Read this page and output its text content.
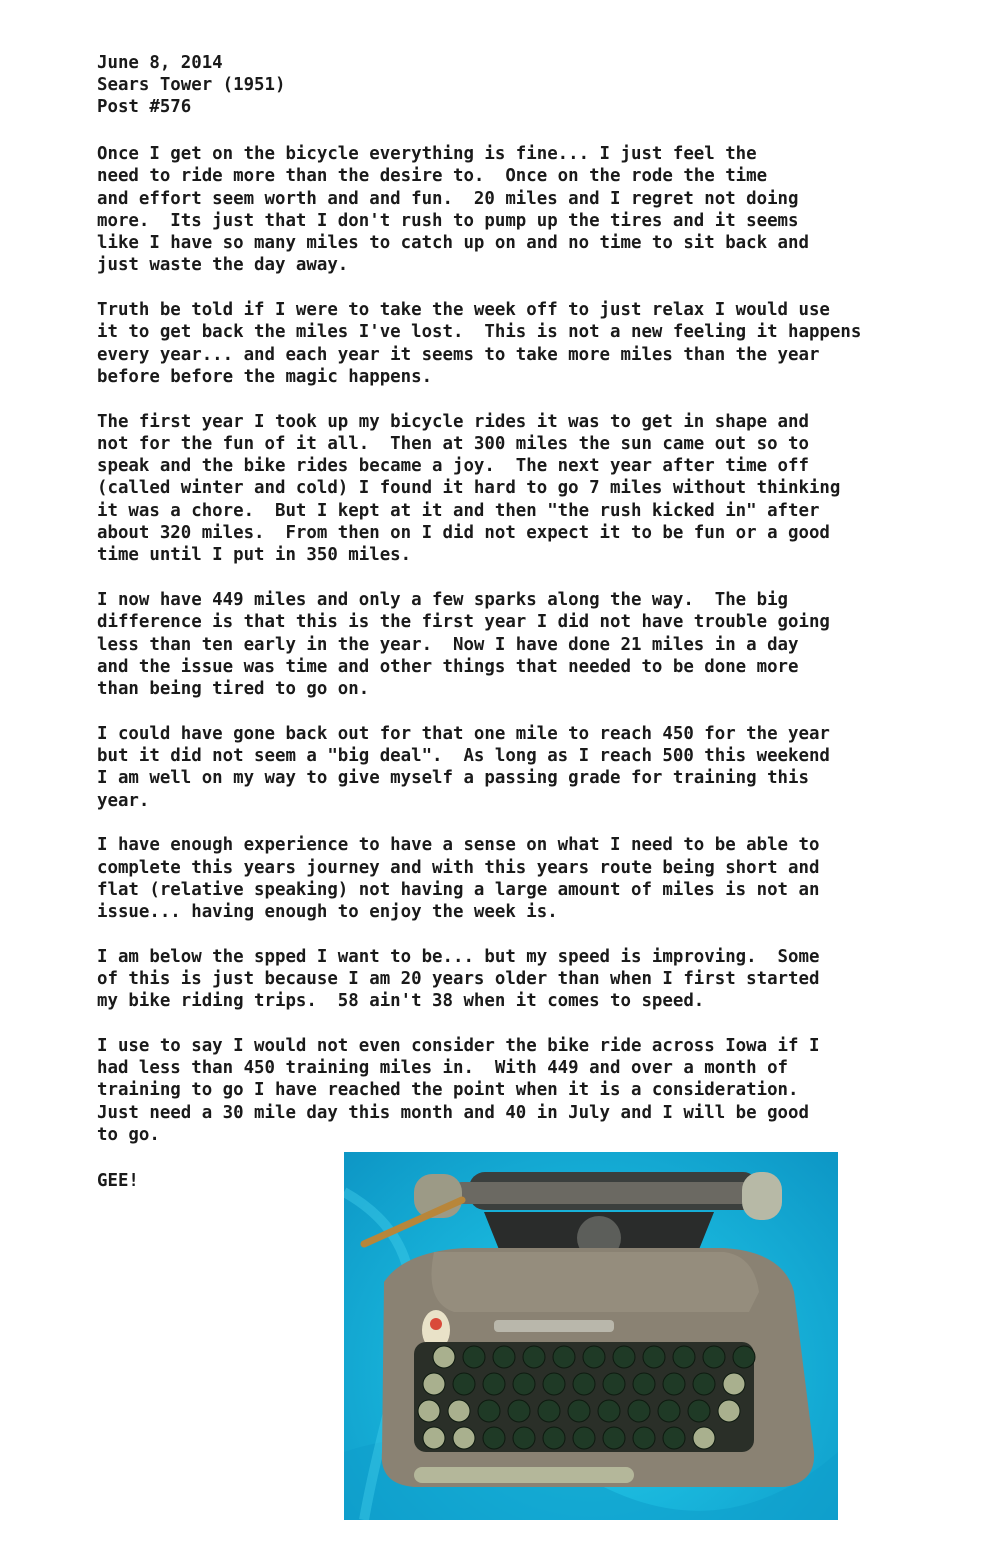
June 8, 2014
Sears Tower (1951)
Post #576
Once I get on the bicycle everything is fine... I just feel the
need to ride more than the desire to.  Once on the rode the time
and effort seem worth and and fun.  20 miles and I regret not doing
more.  Its just that I don't rush to pump up the tires and it seems
like I have so many miles to catch up on and no time to sit back and
just waste the day away.
Truth be told if I were to take the week off to just relax I would use
it to get back the miles I've lost.  This is not a new feeling it happens
every year... and each year it seems to take more miles than the year
before before the magic happens.
The first year I took up my bicycle rides it was to get in shape and
not for the fun of it all.  Then at 300 miles the sun came out so to
speak and the bike rides became a joy.  The next year after time off
(called winter and cold) I found it hard to go 7 miles without thinking
it was a chore.  But I kept at it and then "the rush kicked in" after
about 320 miles.  From then on I did not expect it to be fun or a good
time until I put in 350 miles.
I now have 449 miles and only a few sparks along the way.  The big
difference is that this is the first year I did not have trouble going
less than ten early in the year.  Now I have done 21 miles in a day
and the issue was time and other things that needed to be done more
than being tired to go on.
I could have gone back out for that one mile to reach 450 for the year
but it did not seem a "big deal".  As long as I reach 500 this weekend
I am well on my way to give myself a passing grade for training this
year.
I have enough experience to have a sense on what I need to be able to
complete this years journey and with this years route being short and
flat (relative speaking) not having a large amount of miles is not an
issue... having enough to enjoy the week is.
I am below the spped I want to be... but my speed is improving.  Some
of this is just because I am 20 years older than when I first started
my bike riding trips.  58 ain't 38 when it comes to speed.
I use to say I would not even consider the bike ride across Iowa if I
had less than 450 training miles in.  With 449 and over a month of
training to go I have reached the point when it is a consideration.
Just need a 30 mile day this month and 40 in July and I will be good
to go.
GEE!
